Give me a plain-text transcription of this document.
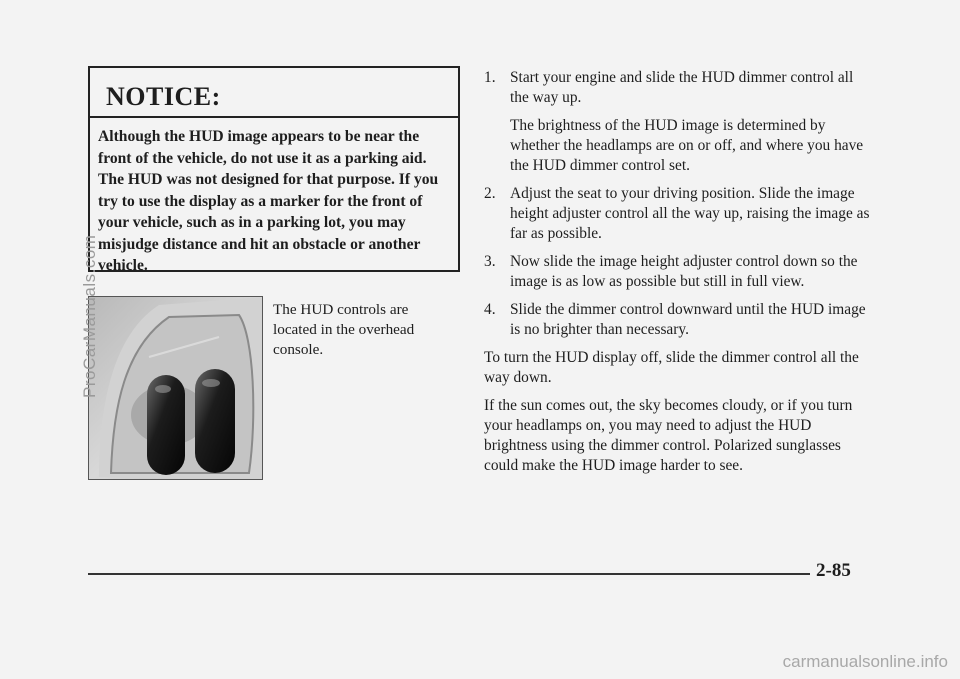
NOTICE:
Although the HUD image appears to be near the front of the vehicle, do not use it as a parking aid. The HUD was not designed for that purpose. If you try to use the display as a marker for the front of your vehicle, such as in a parking lot, you may misjudge distance and hit an obstacle or another vehicle.
The HUD controls are located in the overhead console.
1. Start your engine and slide the HUD dimmer control all the way up.
The brightness of the HUD image is determined by whether the headlamps are on or off, and where you have the HUD dimmer control set.
2. Adjust the seat to your driving position. Slide the image height adjuster control all the way up, raising the image as far as possible.
3. Now slide the image height adjuster control down so the image is as low as possible but still in full view.
4. Slide the dimmer control downward until the HUD image is no brighter than necessary.
To turn the HUD display off, slide the dimmer control all the way down.
If the sun comes out, the sky becomes cloudy, or if you turn your headlamps on, you may need to adjust the HUD brightness using the dimmer control. Polarized sunglasses could make the HUD image harder to see.
2-85
ProCarManuals.com
carmanualsonline.info
